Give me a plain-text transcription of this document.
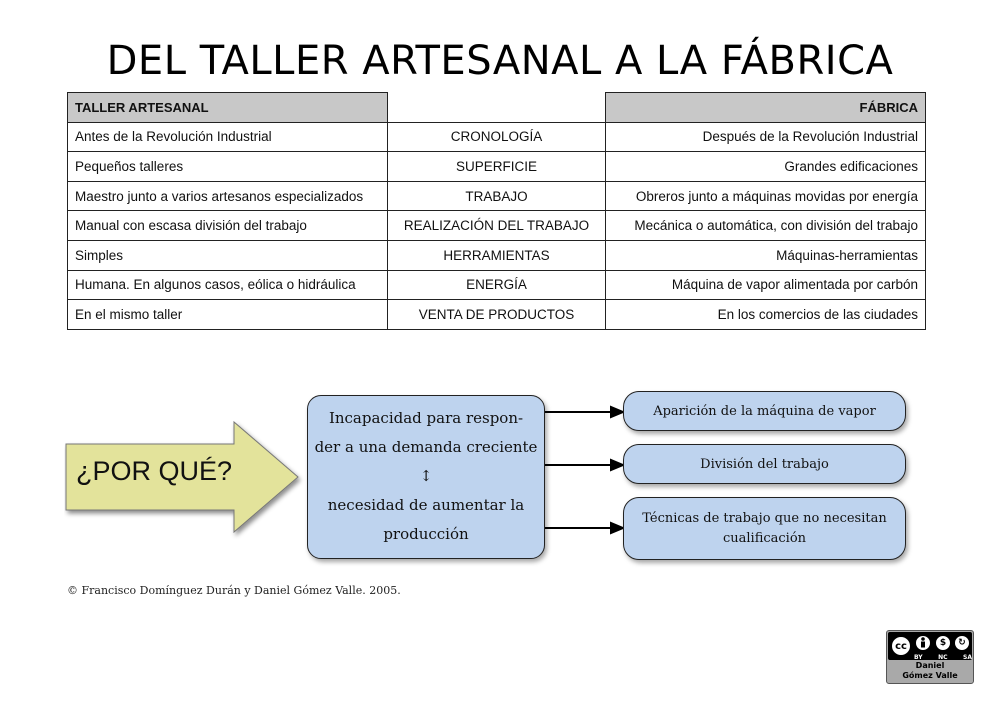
DEL TALLER ARTESANAL A LA FÁBRICA
TALLER ARTESANAL		FÁBRICA
Antes de la Revolución Industrial	CRONOLOGÍA	Después de la Revolución Industrial
Pequeños talleres	SUPERFICIE	Grandes edificaciones
Maestro junto a varios artesanos especializados	TRABAJO	Obreros junto a máquinas movidas por energía
Manual con escasa división del trabajo	REALIZACIÓN DEL TRABAJO	Mecánica o automática, con división del trabajo
Simples	HERRAMIENTAS	Máquinas-herramientas
Humana. En algunos casos, eólica o hidráulica	ENERGÍA	Máquina de vapor alimentada por carbón
En el mismo taller	VENTA DE PRODUCTOS	En los comercios de las ciudades
¿POR QUÉ?
Incapacidad para respon-
der a una demanda creciente
↕
necesidad de aumentar la
producción
Aparición de la máquina de vapor
División del trabajo
Técnicas de trabajo que no necesitan cualificación
© Francisco Domínguez Durán y Daniel Gómez Valle. 2005.
cc	$	↻
BY	NC	SA
Daniel
Gómez Valle
